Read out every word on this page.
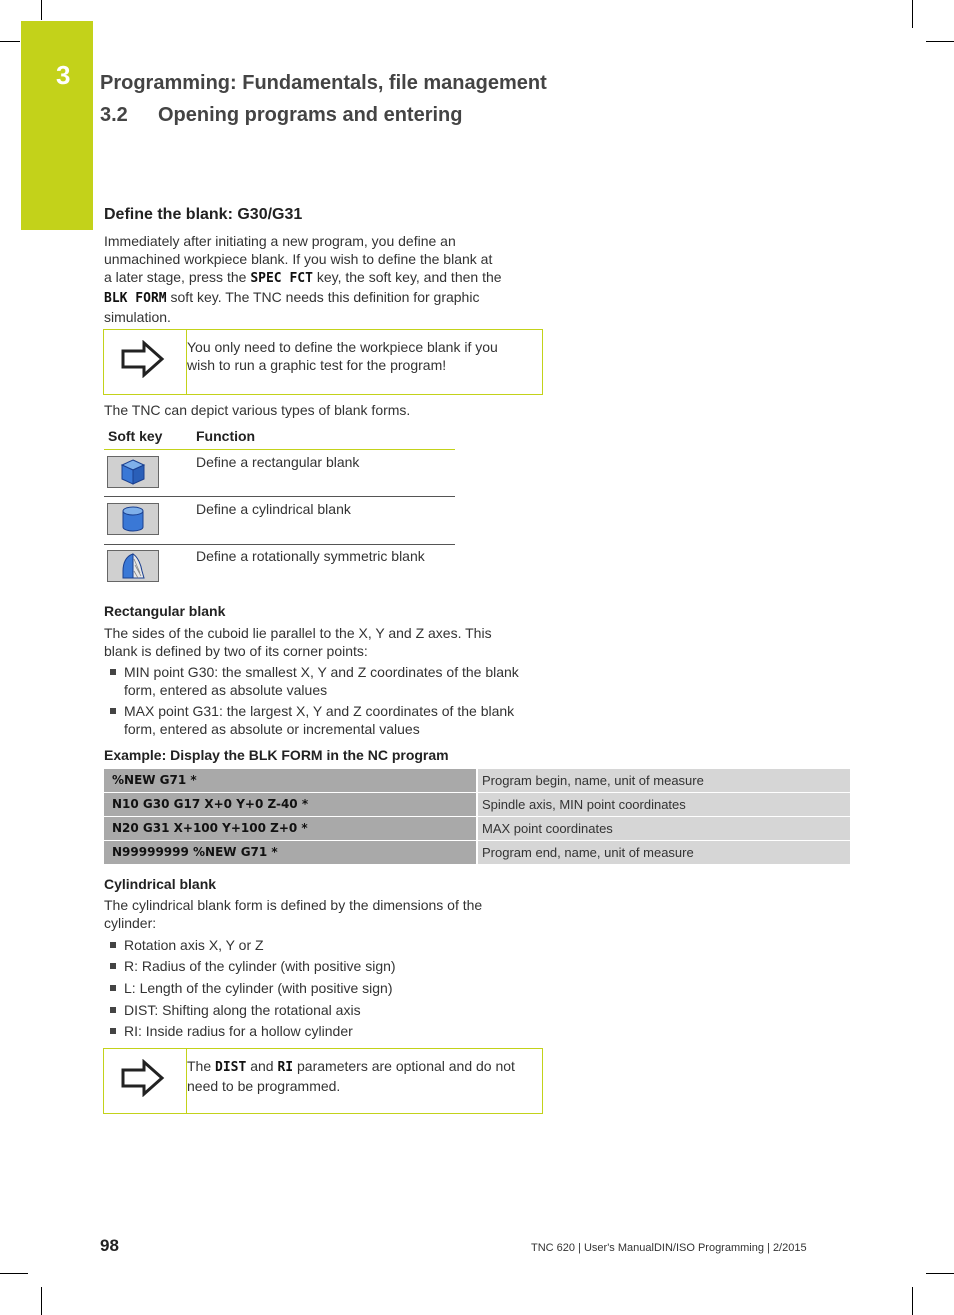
3 Programming: Fundamentals, file management
3.2 Opening programs and entering
Define the blank: G30/G31
Immediately after initiating a new program, you define an
unmachined workpiece blank. If you wish to define the blank at
a later stage, press the SPEC FCT key, the soft key, and then the
BLK FORM soft key. The TNC needs this definition for graphic
simulation.
You only need to define the workpiece blank if you
wish to run a graphic test for the program!
The TNC can depict various types of blank forms.
Soft key Function
Define a rectangular blank
Define a cylindrical blank
Define a rotationally symmetric blank
Rectangular blank
The sides of the cuboid lie parallel to the X, Y and Z axes. This
blank is defined by two of its corner points:
MIN point G30: the smallest X, Y and Z coordinates of the blank
form, entered as absolute values
MAX point G31: the largest X, Y and Z coordinates of the blank
form, entered as absolute or incremental values
Example: Display the BLK FORM in the NC program
%NEW G71 *	Program begin, name, unit of measure
N10 G30 G17 X+0 Y+0 Z-40 *	Spindle axis, MIN point coordinates
N20 G31 X+100 Y+100 Z+0 *	MAX point coordinates
N99999999 %NEW G71 *	Program end, name, unit of measure
Cylindrical blank
The cylindrical blank form is defined by the dimensions of the
cylinder:
Rotation axis X, Y or Z
R: Radius of the cylinder (with positive sign)
L: Length of the cylinder (with positive sign)
DIST: Shifting along the rotational axis
RI: Inside radius for a hollow cylinder
The DIST and RI parameters are optional and do not
need to be programmed.
98	TNC 620 | User's ManualDIN/ISO Programming | 2/2015
